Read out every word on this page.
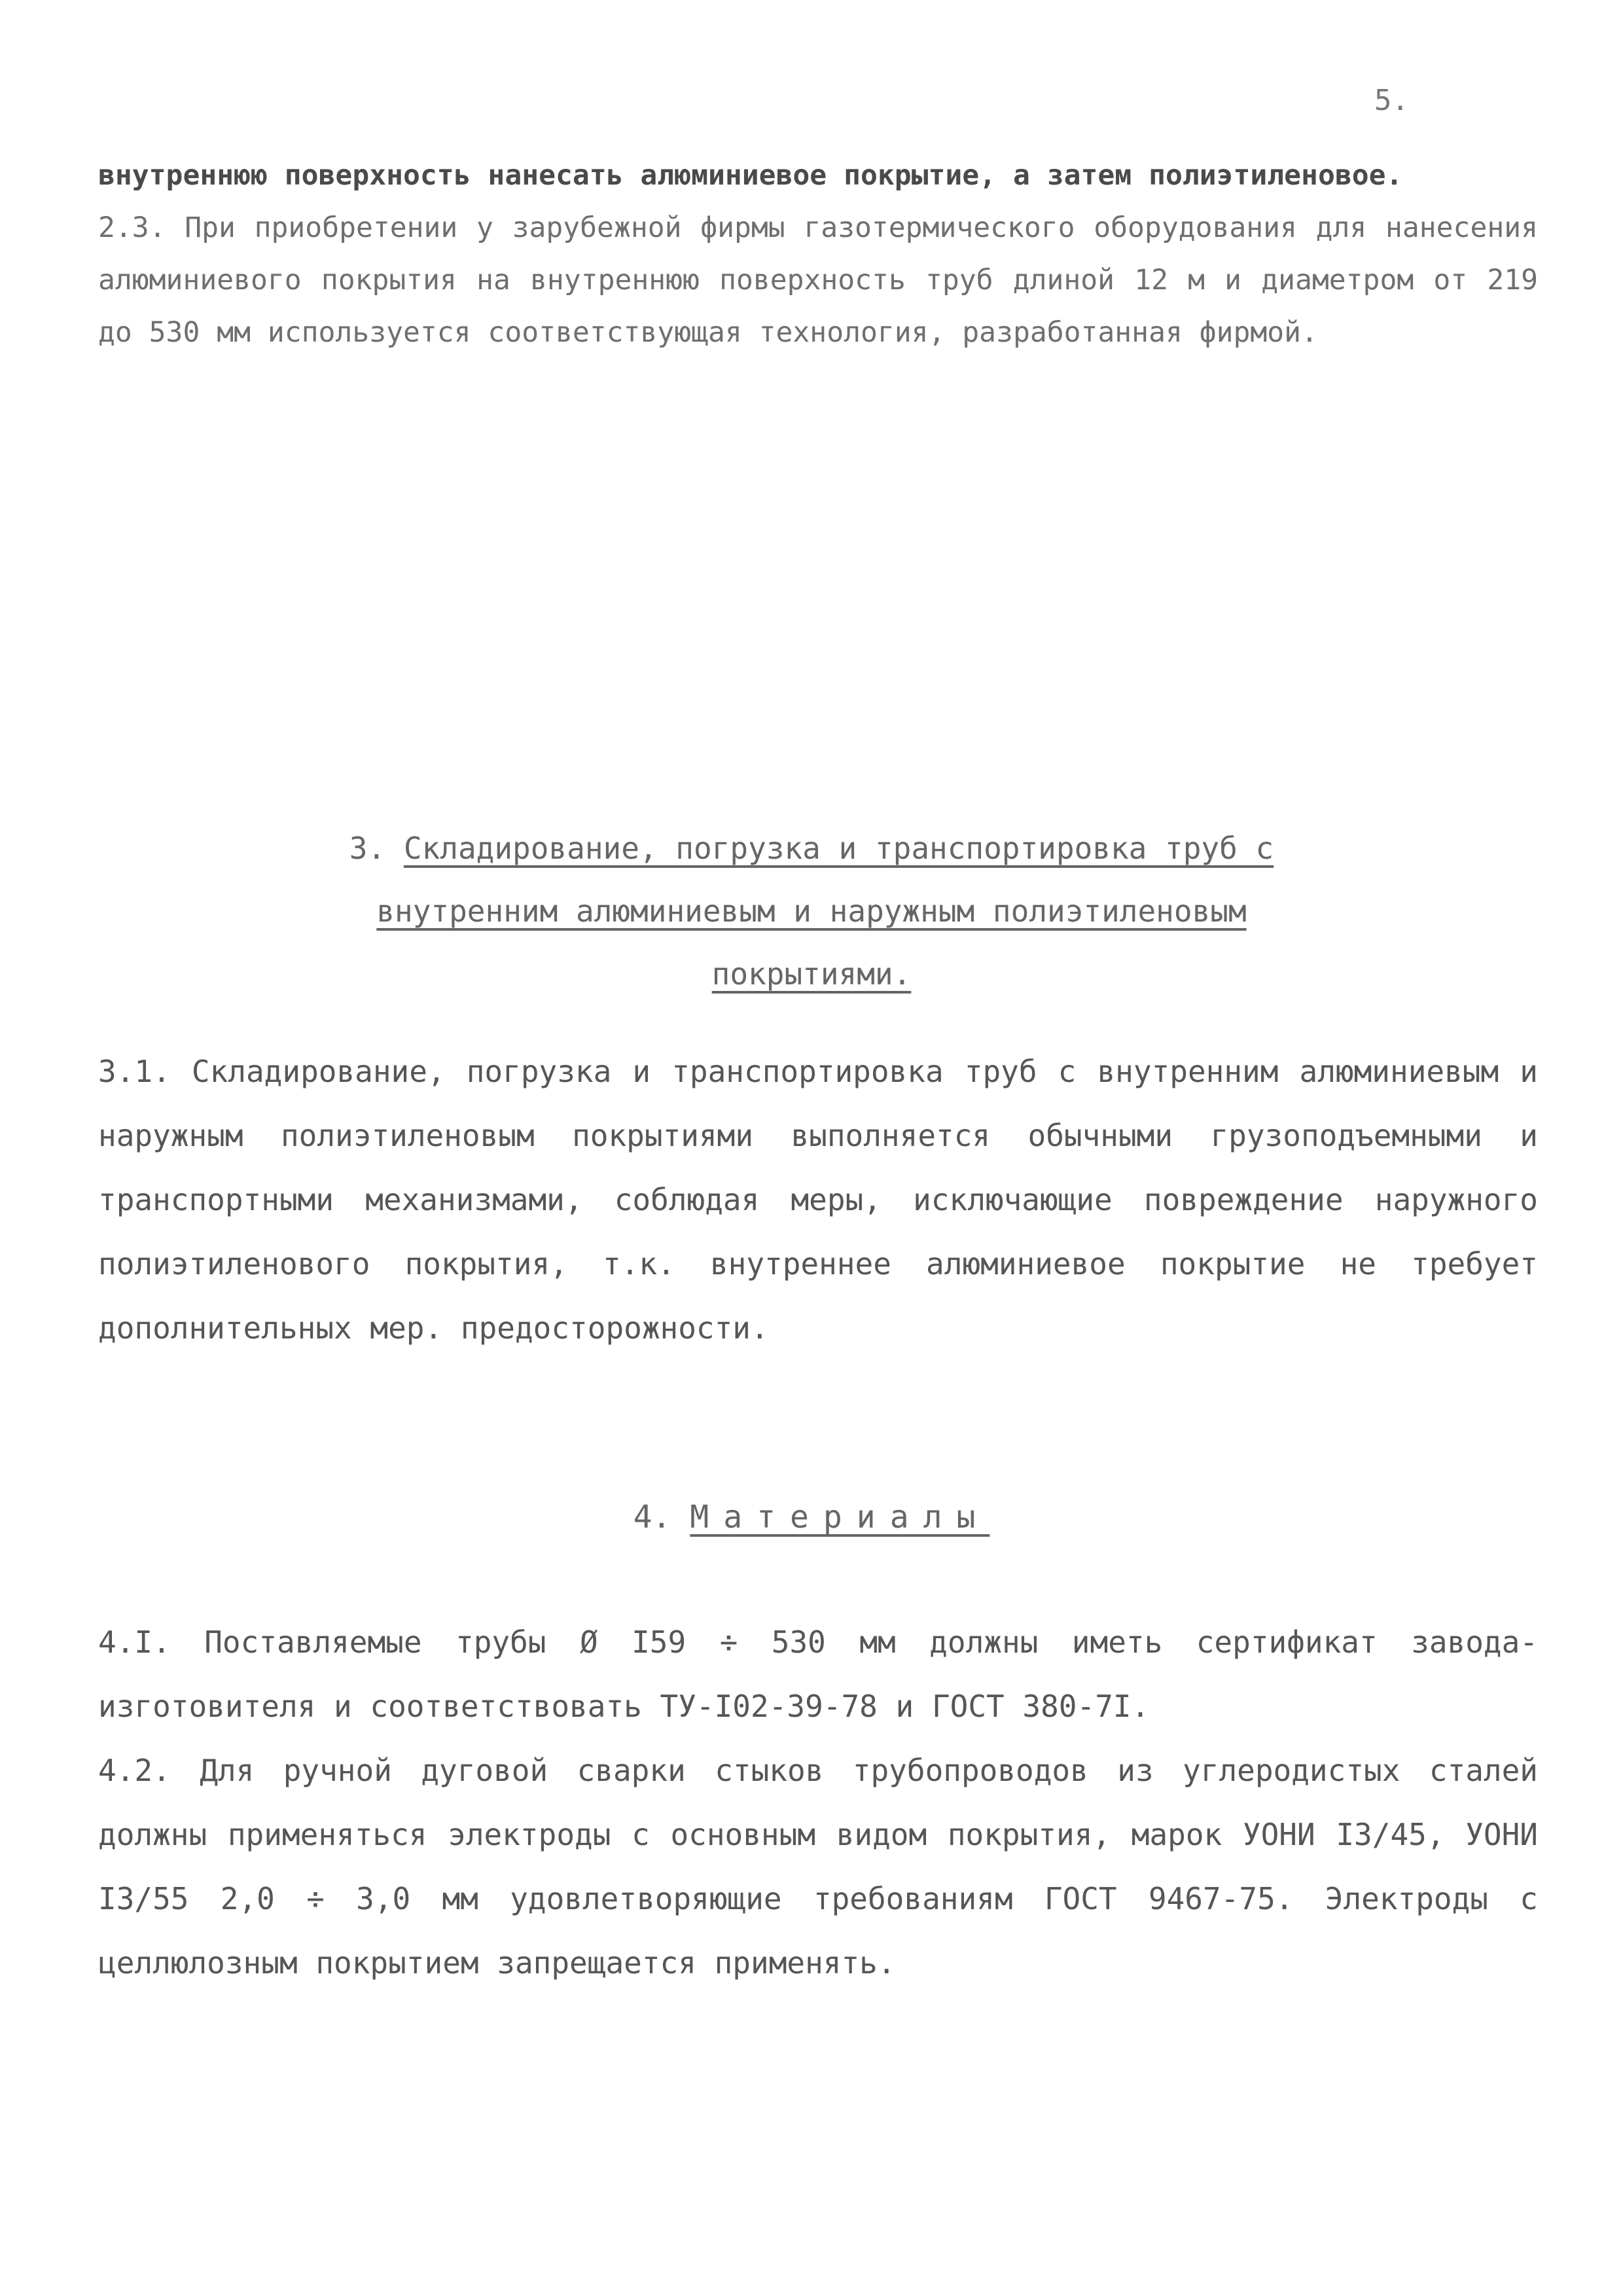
5.

внутреннюю поверхность нанесать алюминиевое покрытие, а затем полиэтиленовое.

2.3. При приобретении у зарубежной фирмы газотермического оборудования для нанесения алюминиевого покрытия на внутреннюю поверхность труб длиной 12 м и диаметром от 219 до 530 мм используется соответствующая технология, разработанная фирмой.

3. Складирование, погрузка и транспортировка труб с
внутренним алюминиевым и наружным полиэтиленовым
покрытиями.

3.1. Складирование, погрузка и транспортировка труб с внутренним алюминиевым и наружным полиэтиленовым покрытиями выполняется обычными грузоподъемными и транспортными механизмами, соблюдая меры, исключающие повреждение наружного полиэтиленового покрытия, т.к. внутреннее алюминиевое покрытие не требует дополнительных мер. предосторожности.

4. Материалы

4.I. Поставляемые трубы Ø I59 ÷ 530 мм должны иметь сертификат завода-изготовителя и соответствовать ТУ-I02-39-78 и ГОСТ 380-7I.

4.2. Для ручной дуговой сварки стыков трубопроводов из углеродистых сталей должны применяться электроды с основным видом покрытия, марок УОНИ I3/45, УОНИ I3/55 2,0 ÷ 3,0 мм удовлетворяющие требованиям ГОСТ 9467-75. Электроды с целлюлозным покрытием запрещается применять.
